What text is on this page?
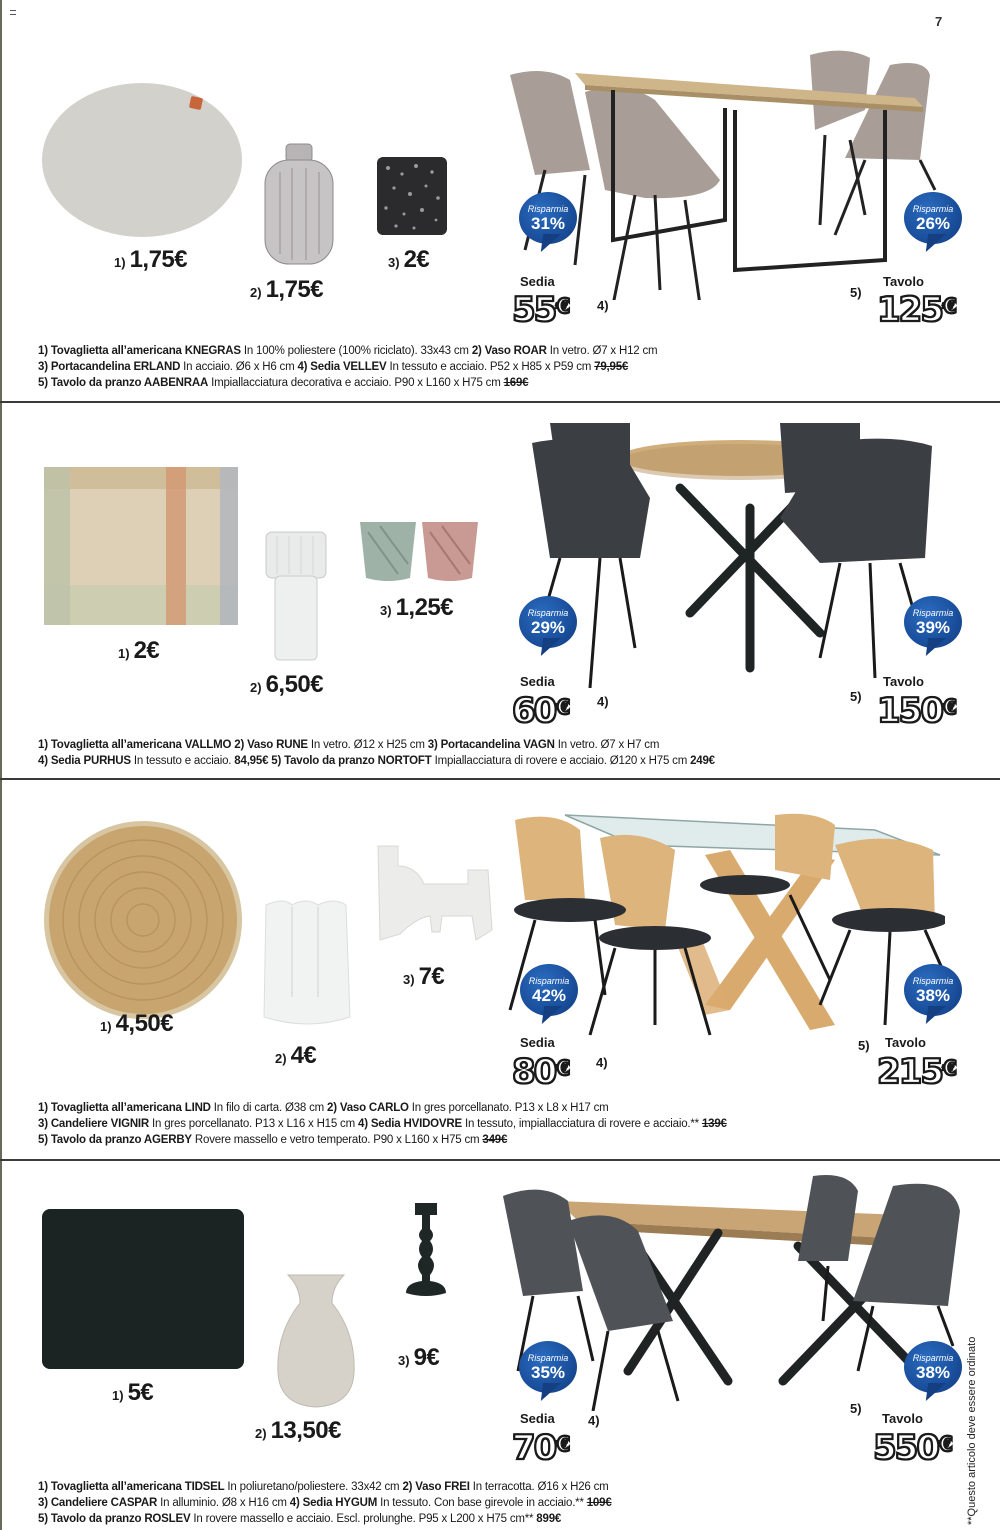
7
1) 1,75€
2) 1,75€
3) 2€
Risparmia
31%
Risparmia
26%
Sedia
55€ 4)
5)
Tavolo
125€
1) Tovaglietta all’americana KNEGRAS In 100% poliestere (100% riciclato). 33x43 cm 2) Vaso ROAR In vetro. Ø7 x H12 cm
3) Portacandelina ERLAND In acciaio. Ø6 x H6 cm 4) Sedia VELLEV In tessuto e acciaio. P52 x H85 x P59 cm 79,95€
5) Tavolo da pranzo AABENRAA Impiallacciatura decorativa e acciaio. P90 x L160 x H75 cm 169€
1) 2€
2) 6,50€
3) 1,25€	Risparmia
29%
Risparmia
39%
Sedia
60€ 4)	5)
Tavolo
150€
1) Tovaglietta all’americana VALLMO 2) Vaso RUNE In vetro. Ø12 x H25 cm 3) Portacandelina VAGN In vetro. Ø7 x H7 cm
4) Sedia PURHUS In tessuto e acciaio. 84,95€ 5) Tavolo da pranzo NORTOFT Impiallacciatura di rovere e acciaio. Ø120 x H75 cm 249€
1) 4,50€
2) 4€
3) 7€	Risparmia
42%
Risparmia
38%
Sedia
80€ 4)
5) Tavolo
215€
1) Tovaglietta all’americana LIND In filo di carta. Ø38 cm 2) Vaso CARLO In gres porcellanato. P13 x L8 x H17 cm
3) Candeliere VIGNIR In gres porcellanato. P13 x L16 x H15 cm 4) Sedia HVIDOVRE In tessuto, impiallacciatura di rovere e acciaio.** 139€
5) Tavolo da pranzo AGERBY Rovere massello e vetro temperato. P90 x L160 x H75 cm 349€
1) 5€
2) 13,50€
3) 9€	Risparmia
35%
Risparmia
38%
Sedia
70€
4)
5)
Tavolo
550€
1) Tovaglietta all’americana TIDSEL In poliuretano/poliestere. 33x42 cm 2) Vaso FREI In terracotta. Ø16 x H26 cm
3) Candeliere CASPAR In alluminio. Ø8 x H16 cm 4) Sedia HYGUM In tessuto. Con base girevole in acciaio.** 109€
5) Tavolo da pranzo ROSLEV In rovere massello e acciaio. Escl. prolunghe. P95 x L200 x H75 cm** 899€	**Questo articolo deve essere ordinato
